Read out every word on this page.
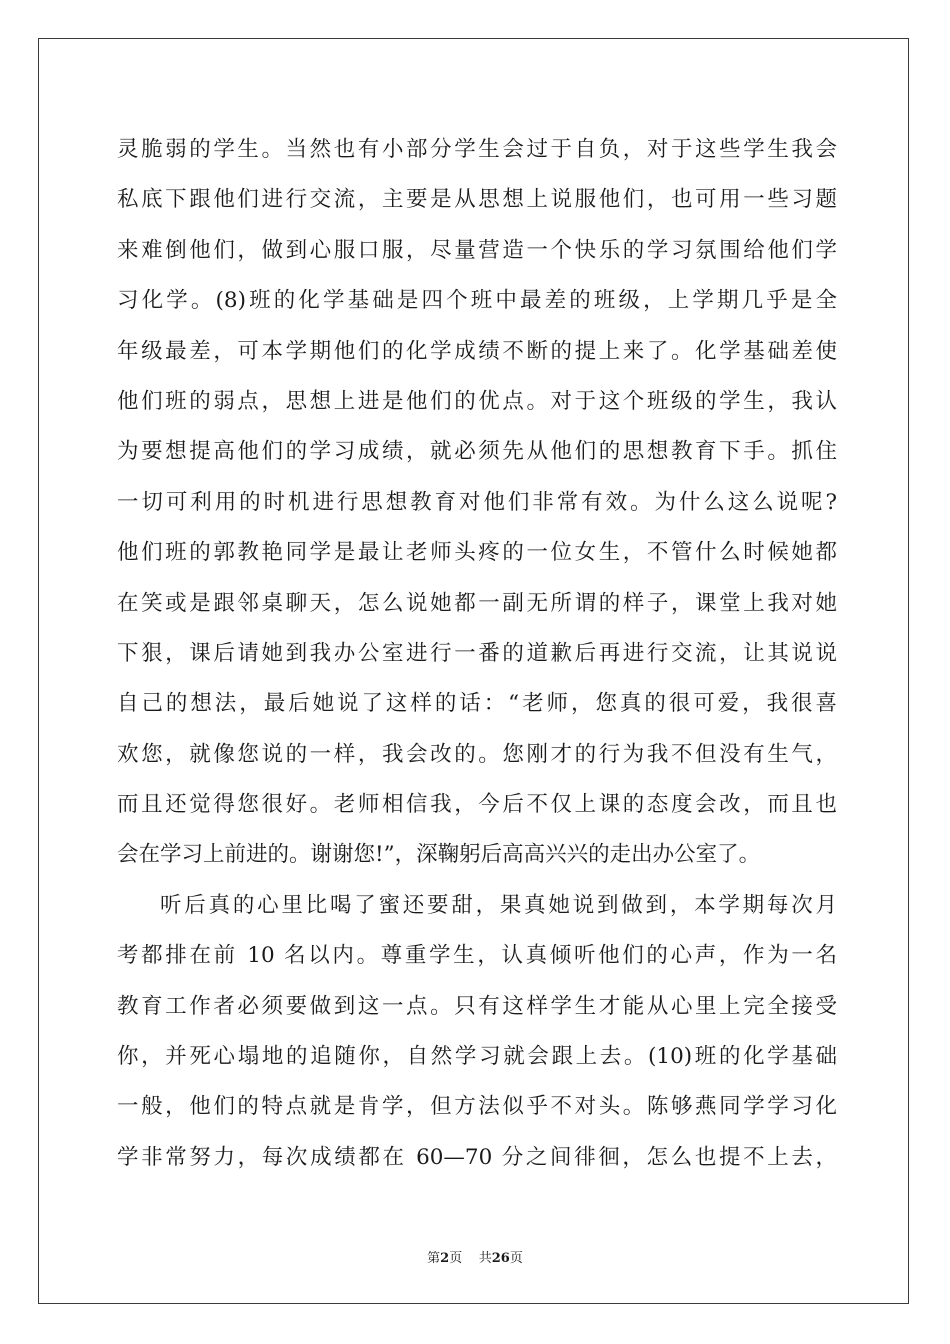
灵脆弱的学生。当然也有小部分学生会过于自负，对于这些学生我会
私底下跟他们进行交流，主要是从思想上说服他们，也可用一些习题
来难倒他们，做到心服口服，尽量营造一个快乐的学习氛围给他们学
习化学。(8)班的化学基础是四个班中最差的班级，上学期几乎是全
年级最差，可本学期他们的化学成绩不断的提上来了。化学基础差使
他们班的弱点，思想上进是他们的优点。对于这个班级的学生，我认
为要想提高他们的学习成绩，就必须先从他们的思想教育下手。抓住
一切可利用的时机进行思想教育对他们非常有效。为什么这么说呢?
他们班的郭教艳同学是最让老师头疼的一位女生，不管什么时候她都
在笑或是跟邻桌聊天，怎么说她都一副无所谓的样子，课堂上我对她
下狠，课后请她到我办公室进行一番的道歉后再进行交流，让其说说
自己的想法，最后她说了这样的话：“老师，您真的很可爱，我很喜
欢您，就像您说的一样，我会改的。您刚才的行为我不但没有生气，
而且还觉得您很好。老师相信我，今后不仅上课的态度会改，而且也
会在学习上前进的。谢谢您!”，深鞠躬后高高兴兴的走出办公室了。
听后真的心里比喝了蜜还要甜，果真她说到做到，本学期每次月
考都排在前 10 名以内。尊重学生，认真倾听他们的心声，作为一名
教育工作者必须要做到这一点。只有这样学生才能从心里上完全接受
你，并死心塌地的追随你，自然学习就会跟上去。(10)班的化学基础
一般，他们的特点就是肯学，但方法似乎不对头。陈够燕同学学习化
学非常努力，每次成绩都在 60—70 分之间徘徊，怎么也提不上去，
第2页 共26页
